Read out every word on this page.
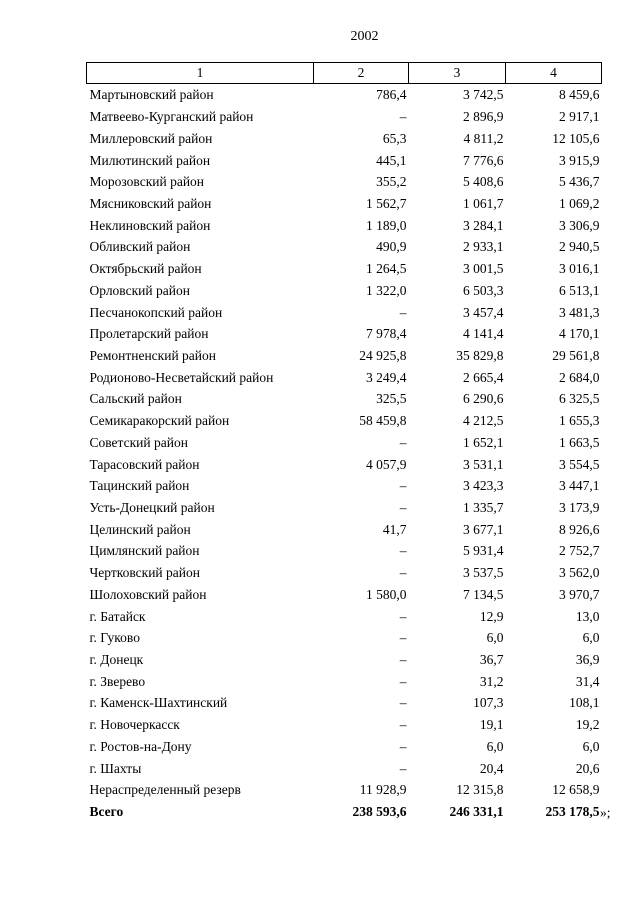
2002
1	2	3	4
Мартыновский район	786,4	3 742,5	8 459,6
Матвеево-Курганский район	–	2 896,9	2 917,1
Миллеровский район	65,3	4 811,2	12 105,6
Милютинский район	445,1	7 776,6	3 915,9
Морозовский район	355,2	5 408,6	5 436,7
Мясниковский район	1 562,7	1 061,7	1 069,2
Неклиновский район	1 189,0	3 284,1	3 306,9
Обливский район	490,9	2 933,1	2 940,5
Октябрьский район	1 264,5	3 001,5	3 016,1
Орловский район	1 322,0	6 503,3	6 513,1
Песчанокопский район	–	3 457,4	3 481,3
Пролетарский район	7 978,4	4 141,4	4 170,1
Ремонтненский район	24 925,8	35 829,8	29 561,8
Родионово-Несветайский район	3 249,4	2 665,4	2 684,0
Сальский район	325,5	6 290,6	6 325,5
Семикаракорский район	58 459,8	4 212,5	1 655,3
Советский район	–	1 652,1	1 663,5
Тарасовский район	4 057,9	3 531,1	3 554,5
Тацинский район	–	3 423,3	3 447,1
Усть-Донецкий район	–	1 335,7	3 173,9
Целинский район	41,7	3 677,1	8 926,6
Цимлянский район	–	5 931,4	2 752,7
Чертковский район	–	3 537,5	3 562,0
Шолоховский район	1 580,0	7 134,5	3 970,7
г. Батайск	–	12,9	13,0
г. Гуково	–	6,0	6,0
г. Донецк	–	36,7	36,9
г. Зверево	–	31,2	31,4
г. Каменск-Шахтинский	–	107,3	108,1
г. Новочеркасск	–	19,1	19,2
г. Ростов-на-Дону	–	6,0	6,0
г. Шахты	–	20,4	20,6
Нераспределенный резерв	11 928,9	12 315,8	12 658,9
Всего	238 593,6	246 331,1	253 178,5 »;
